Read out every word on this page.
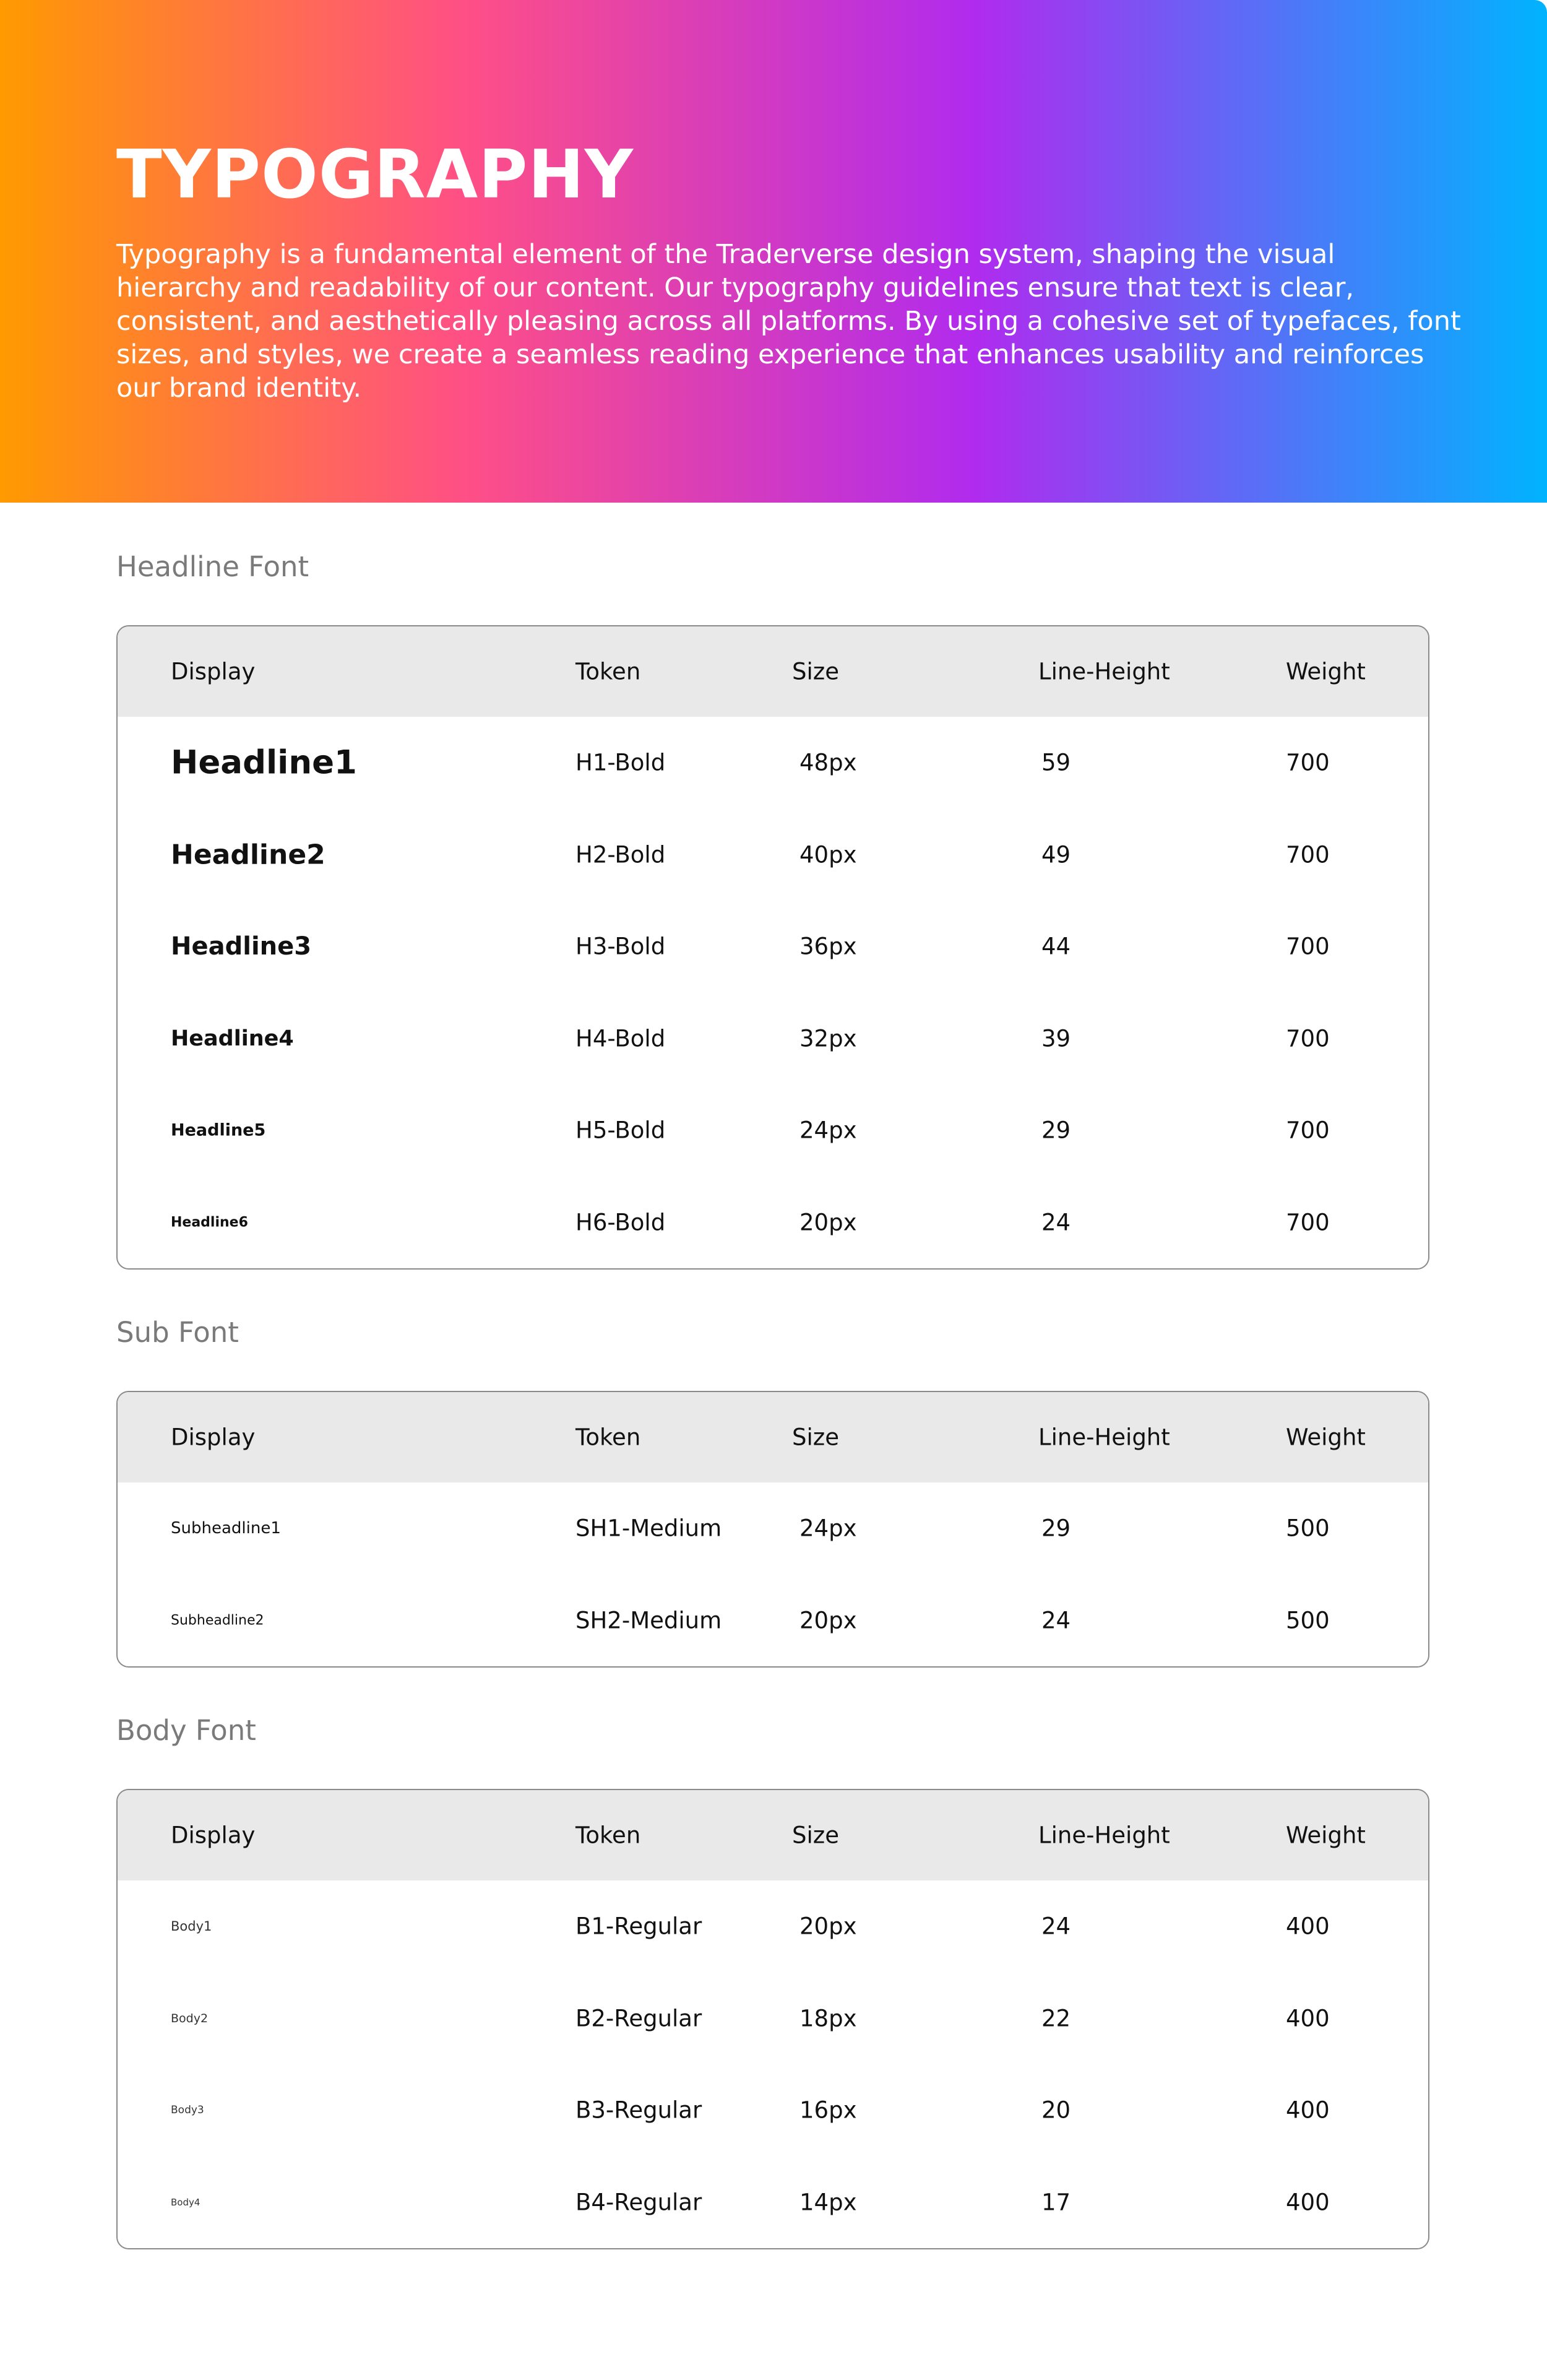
TYPOGRAPHY

Typography is a fundamental element of the Traderverse design system, shaping the visual hierarchy and readability of our content. Our typography guidelines ensure that text is clear, consistent, and aesthetically pleasing across all platforms. By using a cohesive set of typefaces, font sizes, and styles, we create a seamless reading experience that enhances usability and reinforces our brand identity.

Headline Font
Display	Token	Size	Line-Height	Weight
Headline1	H1-Bold	48px	59	700
Headline2	H2-Bold	40px	49	700
Headline3	H3-Bold	36px	44	700
Headline4	H4-Bold	32px	39	700
Headline5	H5-Bold	24px	29	700
Headline6	H6-Bold	20px	24	700
Sub Font
Display	Token	Size	Line-Height	Weight
Subheadline1	SH1-Medium	24px	29	500
Subheadline2	SH2-Medium	20px	24	500
Body Font
Display	Token	Size	Line-Height	Weight
Body1	B1-Regular	20px	24	400
Body2	B2-Regular	18px	22	400
Body3	B3-Regular	16px	20	400
Body4	B4-Regular	14px	17	400
